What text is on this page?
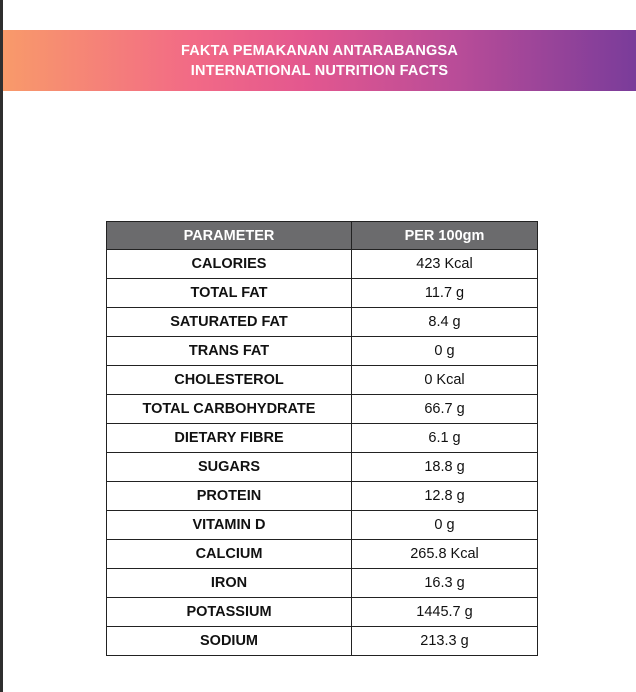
FAKTA PEMAKANAN ANTARABANGSA
INTERNATIONAL NUTRITION FACTS
PARAMETER	PER 100gm
CALORIES	423 Kcal
TOTAL FAT	11.7 g
SATURATED FAT	8.4 g
TRANS FAT	0 g
CHOLESTEROL	0 Kcal
TOTAL CARBOHYDRATE	66.7 g
DIETARY FIBRE	6.1 g
SUGARS	18.8 g
PROTEIN	12.8 g
VITAMIN D	0 g
CALCIUM	265.8 Kcal
IRON	16.3 g
POTASSIUM	1445.7 g
SODIUM	213.3 g
